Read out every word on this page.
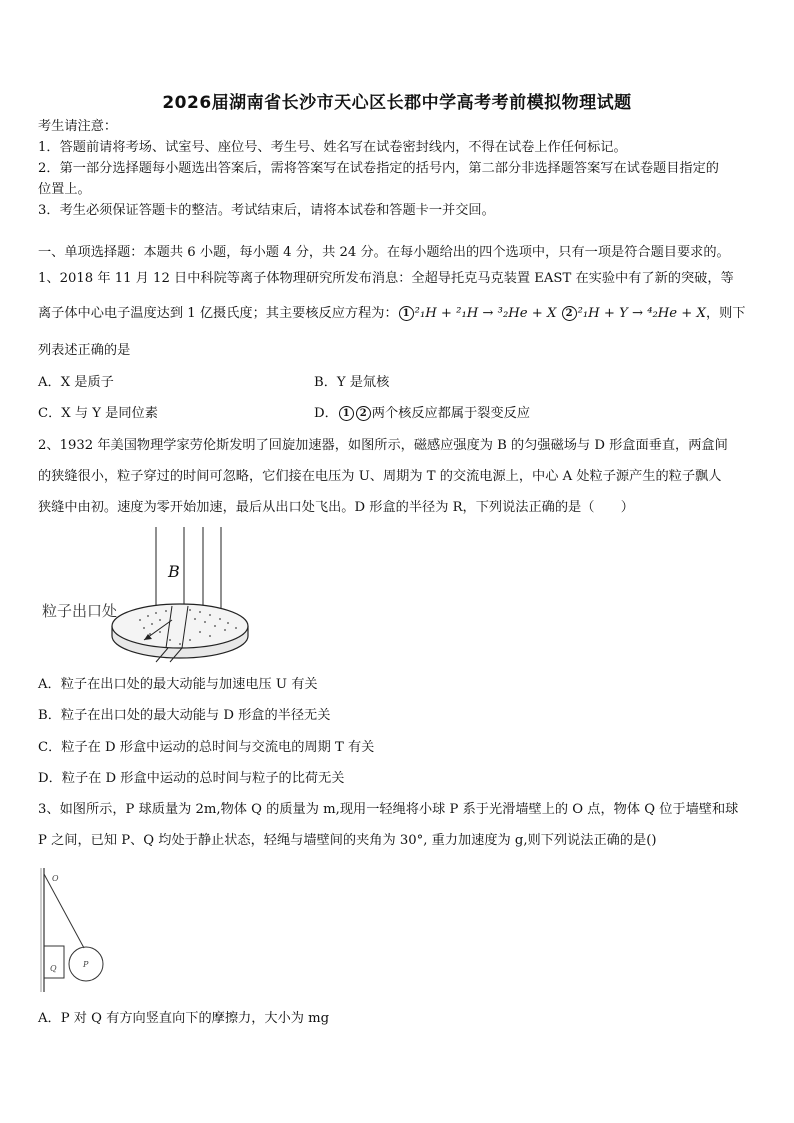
2026届湖南省长沙市天心区长郡中学高考考前模拟物理试题
考生请注意：
1．答题前请将考场、试室号、座位号、考生号、姓名写在试卷密封线内，不得在试卷上作任何标记。
2．第一部分选择题每小题选出答案后，需将答案写在试卷指定的括号内，第二部分非选择题答案写在试卷题目指定的
位置上。
3．考生必须保证答题卡的整洁。考试结束后，请将本试卷和答题卡一并交回。
一、单项选择题：本题共 6 小题，每小题 4 分，共 24 分。在每小题给出的四个选项中，只有一项是符合题目要求的。
1、2018 年 11 月 12 日中科院等离子体物理研究所发布消息：全超导托克马克装置 EAST 在实验中有了新的突破，等
离子体中心电子温度达到 1 亿摄氏度；其主要核反应方程为： 1 ²₁H + ²₁H → ³₂He + X 2 ²₁H + Y → ⁴₂He + X，则下
列表述正确的是
A．X 是质子	B．Y 是氚核
C．X 与 Y 是同位素	D． 1 2 两个核反应都属于裂变反应
2、1932 年美国物理学家劳伦斯发明了回旋加速器，如图所示，磁感应强度为 B 的匀强磁场与 D 形盒面垂直，两盒间
的狭缝很小，粒子穿过的时间可忽略，它们接在电压为 U、周期为 T 的交流电源上，中心 A 处粒子源产生的粒子飘人
狭缝中由初。速度为零开始加速，最后从出口处飞出。D 形盒的半径为 R，下列说法正确的是（　　）
B
粒子出口处
A．粒子在出口处的最大动能与加速电压 U 有关
B．粒子在出口处的最大动能与 D 形盒的半径无关
C．粒子在 D 形盒中运动的总时间与交流电的周期 T 有关
D．粒子在 D 形盒中运动的总时间与粒子的比荷无关
3、如图所示，P 球质量为 2m,物体 Q 的质量为 m,现用一轻绳将小球 P 系于光滑墙壁上的 O 点，物体 Q 位于墙壁和球
P 之间，已知 P、Q 均处于静止状态，轻绳与墙壁间的夹角为 30°, 重力加速度为 g,则下列说法正确的是()
O
Q	P
A．P 对 Q 有方向竖直向下的摩擦力，大小为 mg
